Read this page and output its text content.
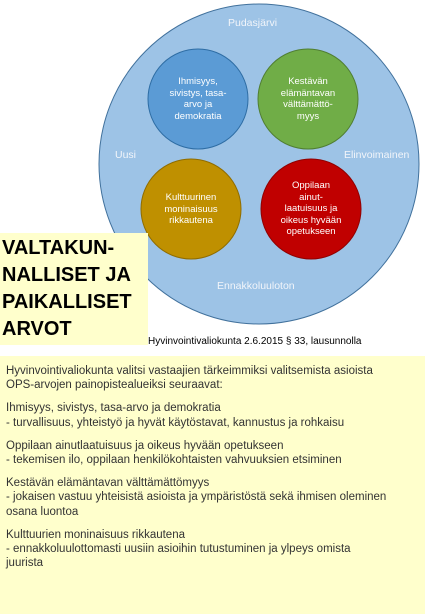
Pudasjärvi
Uusi	Elinvoimainen
Ennakkoluuloton
Ihmisyys,
sivistys, tasa-
arvo ja
demokratia
Kestävän
elämäntavan
välttämättö-
myys
Kulttuurinen
moninaisuus
rikkautena
Oppilaan
ainut-
laatuisuus ja
oikeus hyvään
opetukseen
VALTAKUN-
NALLISET JA
PAIKALLISET
ARVOT
Hyvinvointivaliokunta 2.6.2015 § 33, lausunnolla

Hyvinvointivaliokunta valitsi vastaajien tärkeimmiksi valitsemista asioista
OPS-arvojen painopistealueiksi seuraavat:

Ihmisyys, sivistys, tasa-arvo ja demokratia
- turvallisuus, yhteistyö ja hyvät käytöstavat, kannustus ja rohkaisu

Oppilaan ainutlaatuisuus ja oikeus hyvään opetukseen
- tekemisen ilo, oppilaan henkilökohtaisten vahvuuksien etsiminen

Kestävän elämäntavan välttämättömyys
- jokaisen vastuu yhteisistä asioista ja ympäristöstä sekä ihmisen oleminen
osana luontoa

Kulttuurien moninaisuus rikkautena
- ennakkoluulottomasti uusiin asioihin tutustuminen ja ylpeys omista
juurista
